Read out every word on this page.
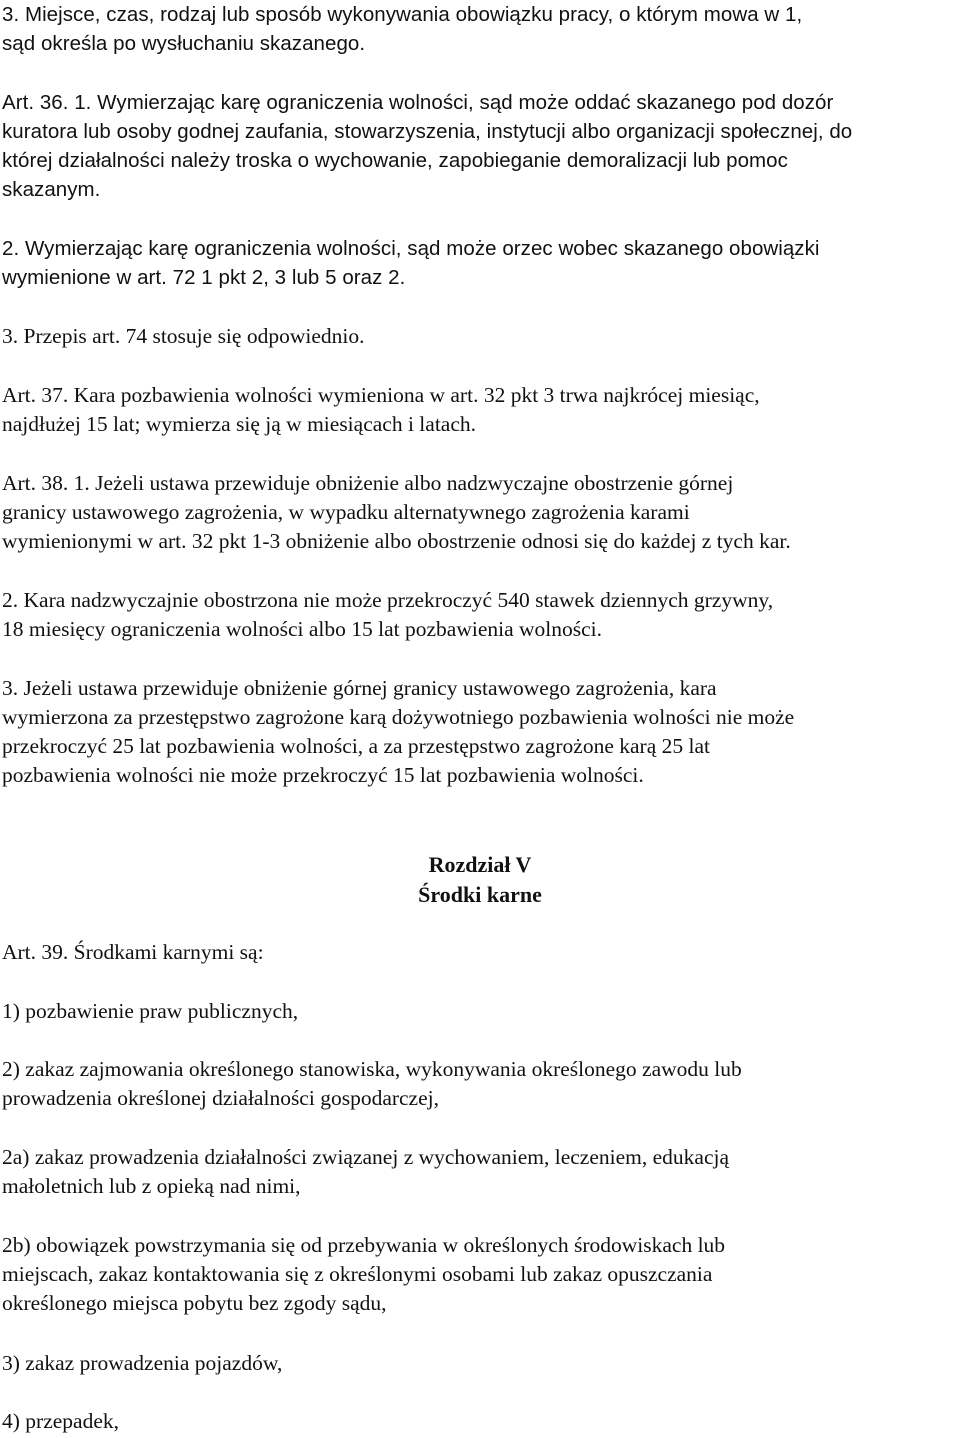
3. Miejsce, czas, rodzaj lub sposób wykonywania obowiązku pracy, o którym mowa w 1,
sąd określa po wysłuchaniu skazanego.

Art. 36. 1. Wymierzając karę ograniczenia wolności, sąd może oddać skazanego pod dozór
kuratora lub osoby godnej zaufania, stowarzyszenia, instytucji albo organizacji społecznej, do
której działalności należy troska o wychowanie, zapobieganie demoralizacji lub pomoc
skazanym.

2. Wymierzając karę ograniczenia wolności, sąd może orzec wobec skazanego obowiązki
wymienione w art. 72 1 pkt 2, 3 lub 5 oraz 2.

3. Przepis art. 74 stosuje się odpowiednio.

Art. 37. Kara pozbawienia wolności wymieniona w art. 32 pkt 3 trwa najkrócej miesiąc,
najdłużej 15 lat; wymierza się ją w miesiącach i latach.

Art. 38. 1. Jeżeli ustawa przewiduje obniżenie albo nadzwyczajne obostrzenie górnej
granicy ustawowego zagrożenia, w wypadku alternatywnego zagrożenia karami
wymienionymi w art. 32 pkt 1-3 obniżenie albo obostrzenie odnosi się do każdej z tych kar.

2. Kara nadzwyczajnie obostrzona nie może przekroczyć 540 stawek dziennych grzywny,
18 miesięcy ograniczenia wolności albo 15 lat pozbawienia wolności.

3. Jeżeli ustawa przewiduje obniżenie górnej granicy ustawowego zagrożenia, kara
wymierzona za przestępstwo zagrożone karą dożywotniego pozbawienia wolności nie może
przekroczyć 25 lat pozbawienia wolności, a za przestępstwo zagrożone karą 25 lat
pozbawienia wolności nie może przekroczyć 15 lat pozbawienia wolności.

Rozdział V
Środki karne

Art. 39. Środkami karnymi są:

1) pozbawienie praw publicznych,

2) zakaz zajmowania określonego stanowiska, wykonywania określonego zawodu lub
prowadzenia określonej działalności gospodarczej,

2a) zakaz prowadzenia działalności związanej z wychowaniem, leczeniem, edukacją
małoletnich lub z opieką nad nimi,

2b) obowiązek powstrzymania się od przebywania w określonych środowiskach lub
miejscach, zakaz kontaktowania się z określonymi osobami lub zakaz opuszczania
określonego miejsca pobytu bez zgody sądu,

3) zakaz prowadzenia pojazdów,

4) przepadek,
